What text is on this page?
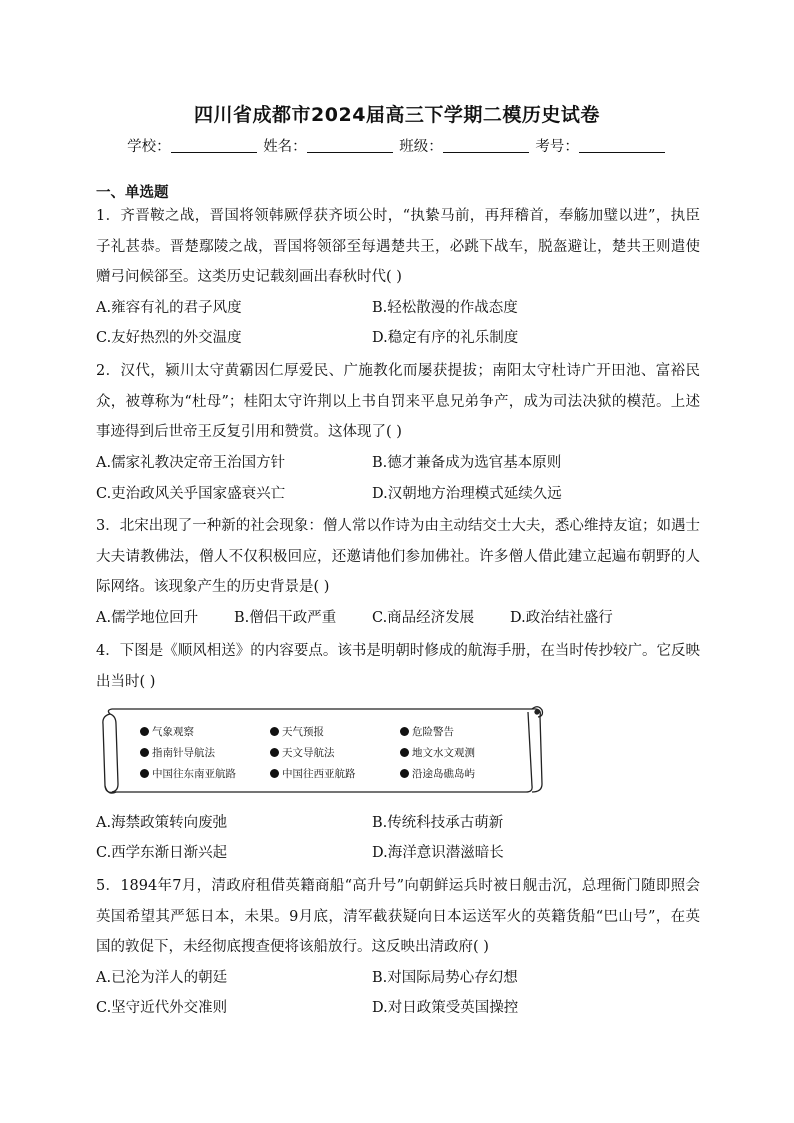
四川省成都市2024届高三下学期二模历史试卷
学校：	姓名：	班级：	考号：
一、单选题
1．齐晋鞍之战，晋国将领韩厥俘获齐顷公时，“执絷马前，再拜稽首，奉觞加璧以进”，执臣子礼甚恭。晋楚鄢陵之战，晋国将领郤至每遇楚共王，必跳下战车，脱盔避让，楚共王则遣使赠弓问候郤至。这类历史记载刻画出春秋时代( )
A.雍容有礼的君子风度	B.轻松散漫的作战态度
C.友好热烈的外交温度	D.稳定有序的礼乐制度
2．汉代，颍川太守黄霸因仁厚爱民、广施教化而屡获提拔；南阳太守杜诗广开田池、富裕民众，被尊称为“杜母”；桂阳太守许荆以上书自罚来平息兄弟争产，成为司法决狱的模范。上述事迹得到后世帝王反复引用和赞赏。这体现了( )
A.儒家礼教决定帝王治国方针	B.德才兼备成为选官基本原则
C.吏治政风关乎国家盛衰兴亡	D.汉朝地方治理模式延续久远
3．北宋出现了一种新的社会现象：僧人常以作诗为由主动结交士大夫，悉心维持友谊；如遇士大夫请教佛法，僧人不仅积极回应，还邀请他们参加佛社。许多僧人借此建立起遍布朝野的人际网络。该现象产生的历史背景是( )
A.儒学地位回升 B.僧侣干政严重 C.商品经济发展 D.政治结社盛行
4．下图是《顺风相送》的内容要点。该书是明朝时修成的航海手册，在当时传抄较广。它反映出当时( )
气象观察	天气预报	危险警告
指南针导航法	天文导航法	地文水文观测
中国往东南亚航路	中国往西亚航路	沿途岛礁岛屿
A.海禁政策转向废弛	B.传统科技承古萌新
C.西学东渐日渐兴起	D.海洋意识潜滋暗长
5．1894年7月，清政府租借英籍商船“高升号”向朝鲜运兵时被日舰击沉，总理衙门随即照会英国希望其严惩日本，未果。9月底，清军截获疑向日本运送军火的英籍货船“巴山号”，在英国的敦促下，未经彻底搜查便将该船放行。这反映出清政府( )
A.已沦为洋人的朝廷	B.对国际局势心存幻想
C.坚守近代外交准则	D.对日政策受英国操控
